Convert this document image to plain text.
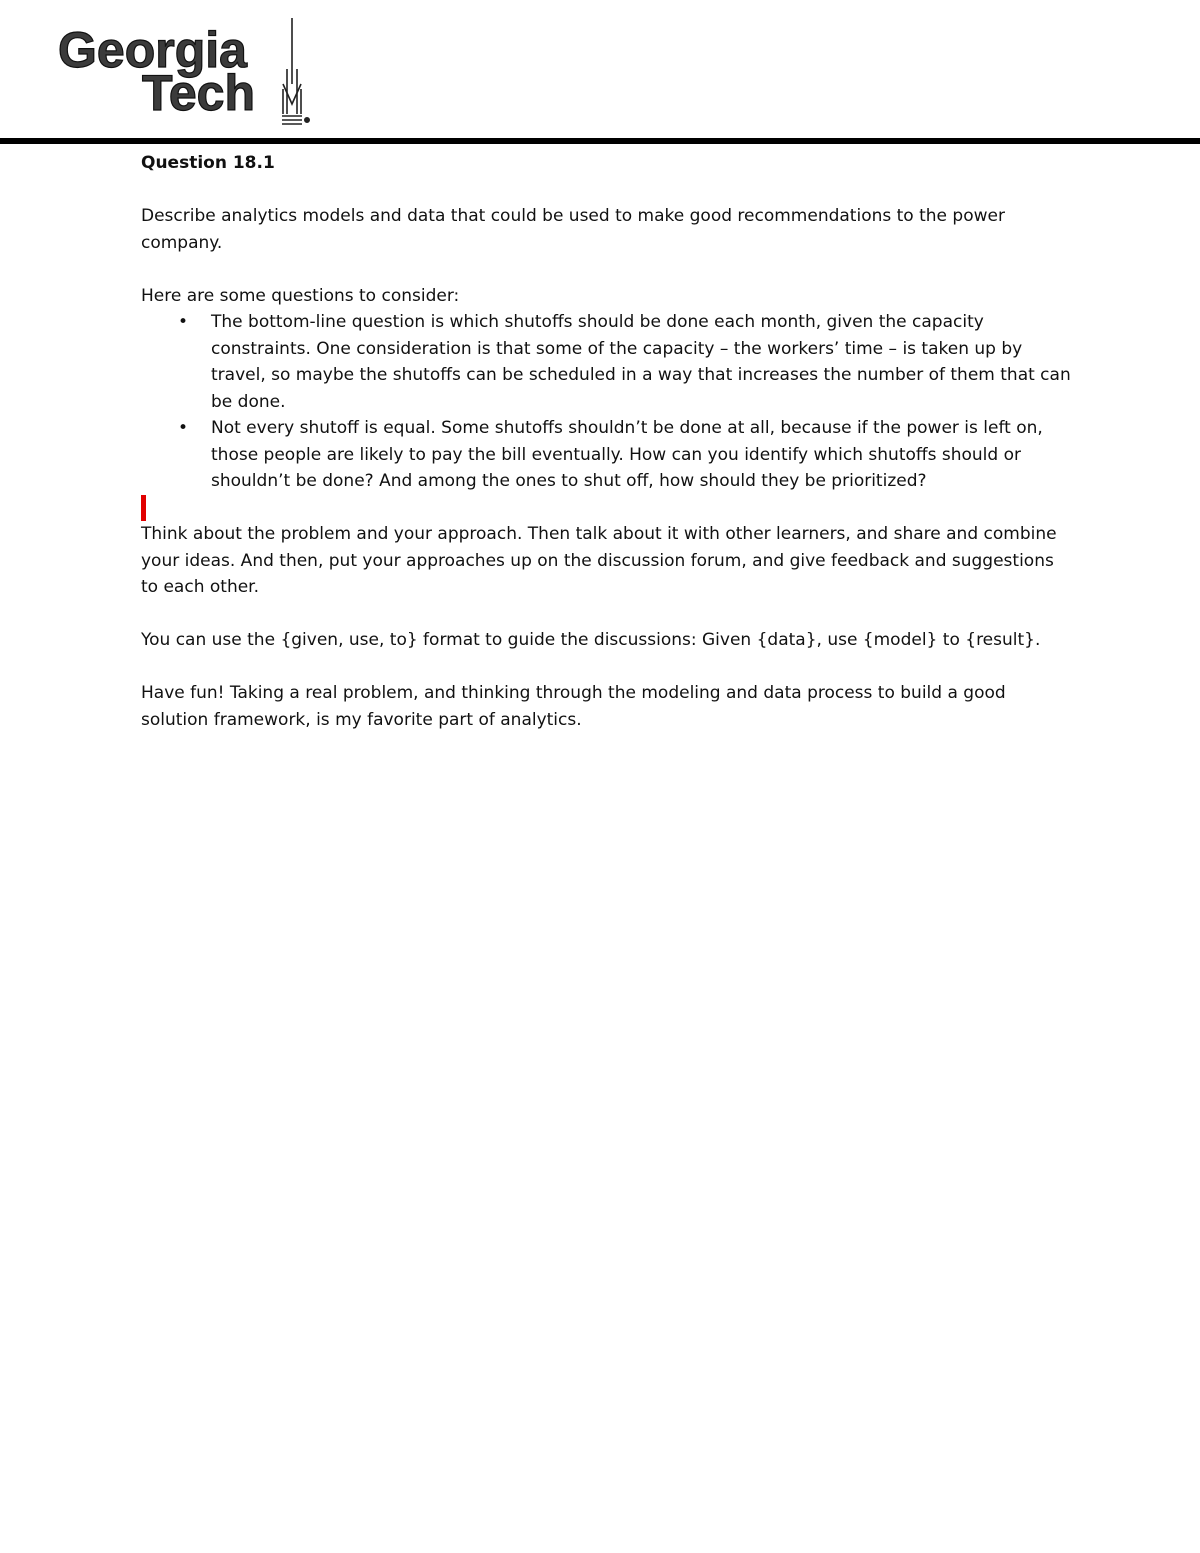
Georgia
Tech

Question 18.1

Describe analytics models and data that could be used to make good recommendations to the power company.

Here are some questions to consider:

• The bottom-line question is which shutoffs should be done each month, given the capacity constraints. One consideration is that some of the capacity – the workers’ time – is taken up by travel, so maybe the shutoffs can be scheduled in a way that increases the number of them that can be done.
• Not every shutoff is equal. Some shutoffs shouldn’t be done at all, because if the power is left on, those people are likely to pay the bill eventually. How can you identify which shutoffs should or shouldn’t be done? And among the ones to shut off, how should they be prioritized?

Think about the problem and your approach. Then talk about it with other learners, and share and combine your ideas. And then, put your approaches up on the discussion forum, and give feedback and suggestions to each other.

You can use the {given, use, to} format to guide the discussions: Given {data}, use {model} to {result}.

Have fun! Taking a real problem, and thinking through the modeling and data process to build a good solution framework, is my favorite part of analytics.
